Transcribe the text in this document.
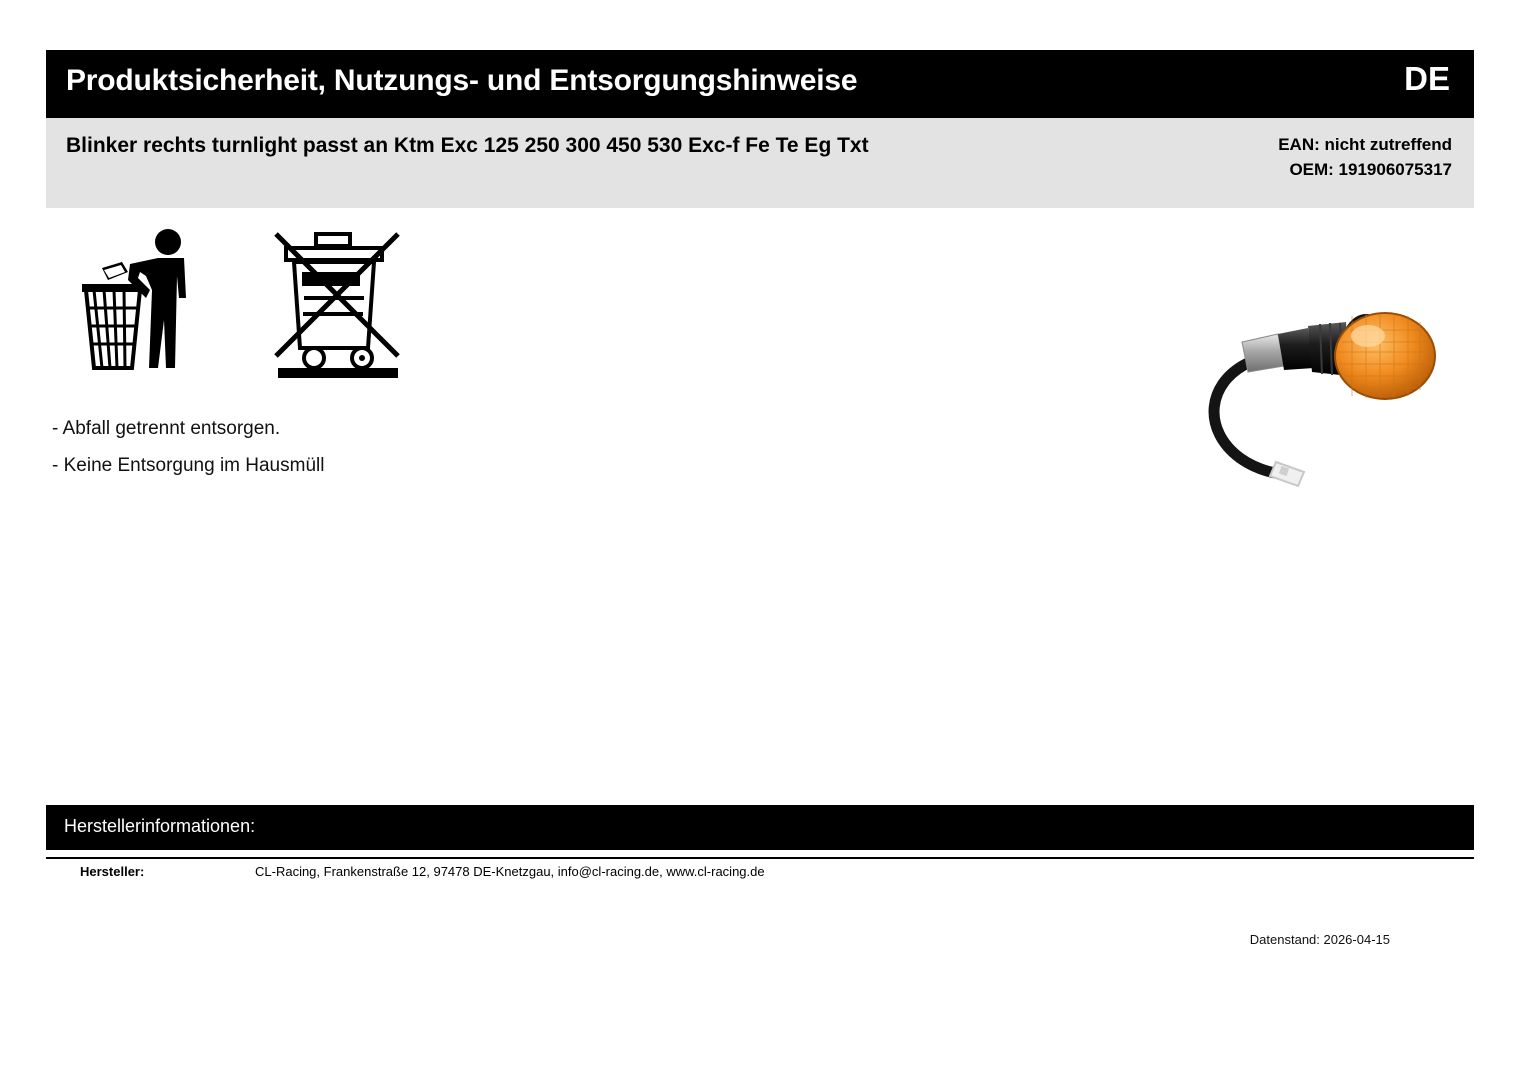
Produktsicherheit, Nutzungs- und Entsorgungshinweise	DE
Blinker rechts turnlight passt an Ktm Exc 125 250 300 450 530 Exc-f Fe Te Eg Txt	EAN: nicht zutreffend
OEM: 191906075317
- Abfall getrennt entsorgen.
- Keine Entsorgung im Hausmüll
Herstellerinformationen:
Hersteller:	CL-Racing, Frankenstraße 12, 97478 DE-Knetzgau, info@cl-racing.de, www.cl-racing.de
Datenstand: 2026-04-15
